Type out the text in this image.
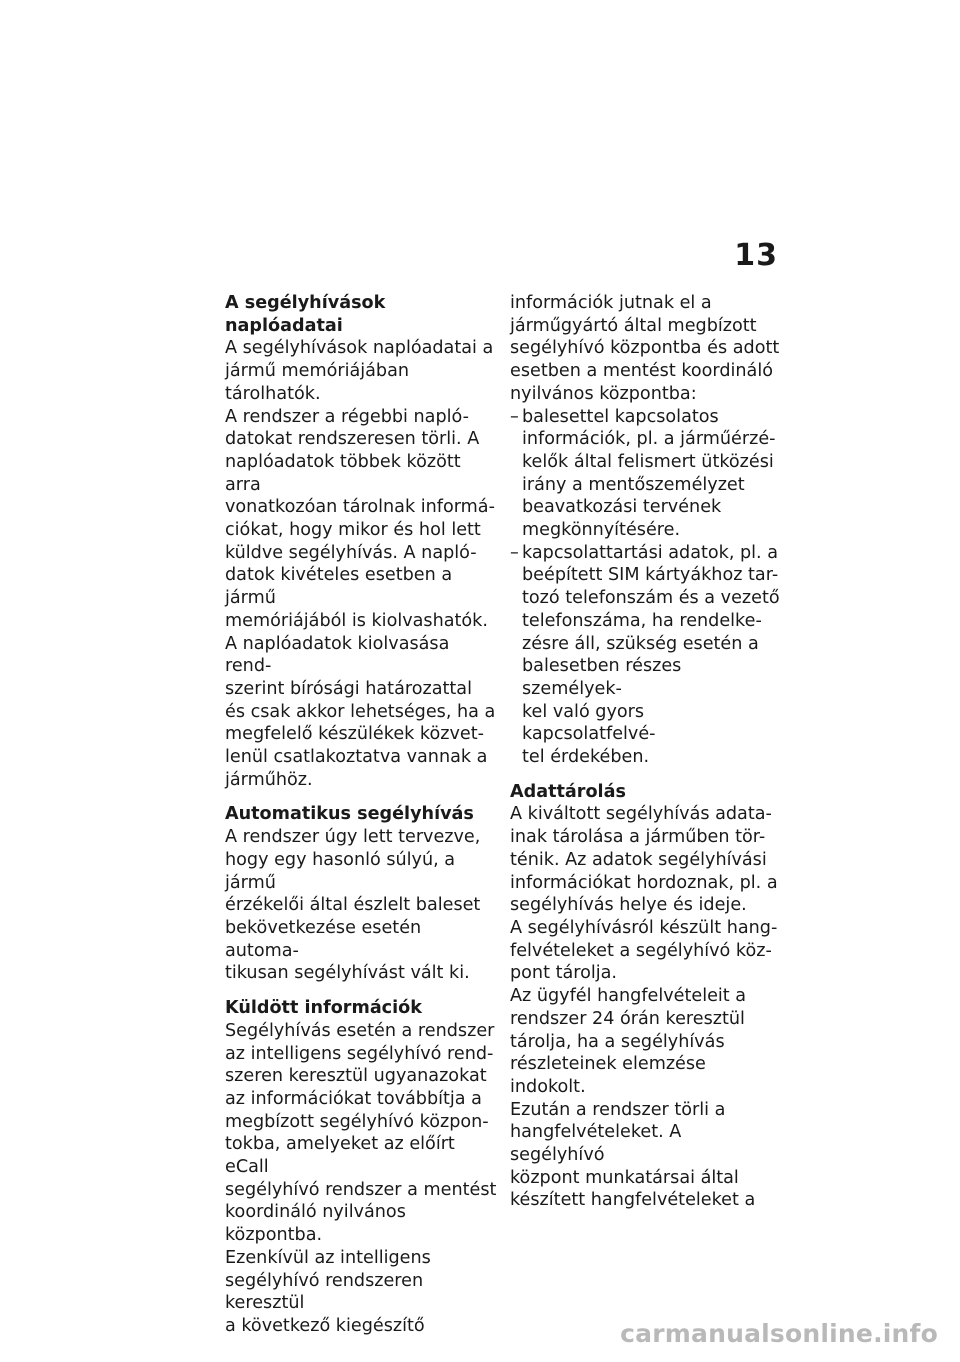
13
A segélyhívások naplóadatai

A segélyhívások naplóadatai a
jármű memóriájában tárolhatók.
A rendszer a régebbi napló-
datokat rendszeresen törli. A
naplóadatok többek között arra
vonatkozóan tárolnak informá-
ciókat, hogy mikor és hol lett
küldve segélyhívás. A napló-
datok kivételes esetben a jármű
memóriájából is kiolvashatók.

A naplóadatok kiolvasása rend-
szerint bírósági határozattal
és csak akkor lehetséges, ha a
megfelelő készülékek közvet-
lenül csatlakoztatva vannak a
járműhöz.

Automatikus segélyhívás

A rendszer úgy lett tervezve,
hogy egy hasonló súlyú, a jármű
érzékelői által észlelt baleset
bekövetkezése esetén automa-
tikusan segélyhívást vált ki.

Küldött információk

Segélyhívás esetén a rendszer
az intelligens segélyhívó rend-
szeren keresztül ugyanazokat
az információkat továbbítja a
megbízott segélyhívó közpon-
tokba, amelyeket az előírt eCall
segélyhívó rendszer a mentést
koordináló nyilvános központba.

Ezenkívül az intelligens
segélyhívó rendszeren keresztül
a következő kiegészítő

információk jutnak el a
járműgyártó által megbízott
segélyhívó központba és adott
esetben a mentést koordináló
nyilvános központba:

– balesettel kapcsolatos
információk, pl. a járműérzé-
kelők által felismert ütközési
irány a mentőszemélyzet
beavatkozási tervének
megkönnyítésére.
– kapcsolattartási adatok, pl. a
beépített SIM kártyákhoz tar-
tozó telefonszám és a vezető
telefonszáma, ha rendelke-
zésre áll, szükség esetén a
balesetben részes személyek-
kel való gyors kapcsolatfelvé-
tel érdekében.
Adattárolás

A kiváltott segélyhívás adata-
inak tárolása a járműben tör-
ténik. Az adatok segélyhívási
információkat hordoznak, pl. a
segélyhívás helye és ideje.

A segélyhívásról készült hang-
felvételeket a segélyhívó köz-
pont tárolja.

Az ügyfél hangfelvételeit a
rendszer 24 órán keresztül
tárolja, ha a segélyhívás
részleteinek elemzése indokolt.
Ezután a rendszer törli a
hangfelvételeket. A segélyhívó
központ munkatársai által
készített hangfelvételeket a

carmanualsonline.info
